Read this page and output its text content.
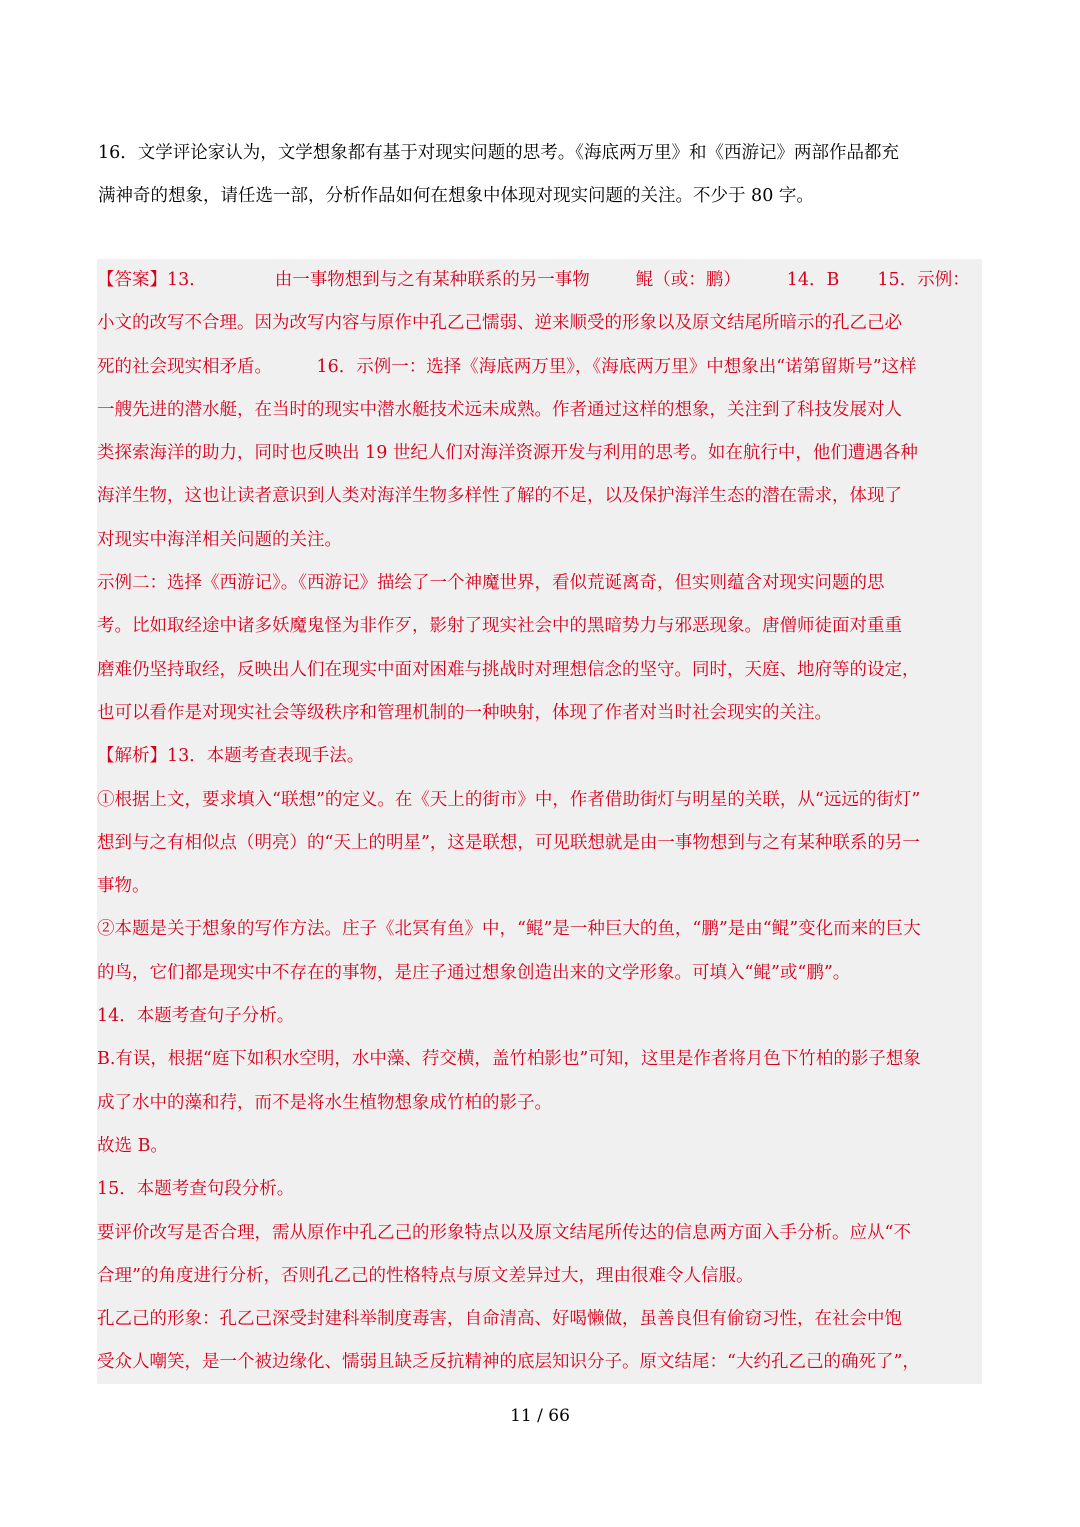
16．文学评论家认为，文学想象都有基于对现实问题的思考。《海底两万里》和《西游记》两部作品都充

满神奇的想象，请任选一部，分析作品如何在想象中体现对现实问题的关注。不少于 80 字。

【答案】13．	由一事物想到与之有某种联系的另一事物	鲲（或：鹏）	14．B 15．示例：

小文的改写不合理。因为改写内容与原作中孔乙己懦弱、逆来顺受的形象以及原文结尾所暗示的孔乙己必

死的社会现实相矛盾。        16．示例一：选择《海底两万里》，《海底两万里》中想象出“诺第留斯号”这样

一艘先进的潜水艇，在当时的现实中潜水艇技术远未成熟。作者通过这样的想象，关注到了科技发展对人

类探索海洋的助力，同时也反映出 19 世纪人们对海洋资源开发与利用的思考。如在航行中，他们遭遇各种

海洋生物，这也让读者意识到人类对海洋生物多样性了解的不足，以及保护海洋生态的潜在需求，体现了

对现实中海洋相关问题的关注。

示例二：选择《西游记》。《西游记》描绘了一个神魔世界，看似荒诞离奇，但实则蕴含对现实问题的思

考。比如取经途中诸多妖魔鬼怪为非作歹，影射了现实社会中的黑暗势力与邪恶现象。唐僧师徒面对重重

磨难仍坚持取经，反映出人们在现实中面对困难与挑战时对理想信念的坚守。同时，天庭、地府等的设定，

也可以看作是对现实社会等级秩序和管理机制的一种映射，体现了作者对当时社会现实的关注。

【解析】13．本题考查表现手法。

①根据上文，要求填入“联想”的定义。在《天上的街市》中，作者借助街灯与明星的关联，从“远远的街灯”

想到与之有相似点（明亮）的“天上的明星”，这是联想，可见联想就是由一事物想到与之有某种联系的另一

事物。

②本题是关于想象的写作方法。庄子《北冥有鱼》中，“鲲”是一种巨大的鱼，“鹏”是由“鲲”变化而来的巨大

的鸟，它们都是现实中不存在的事物，是庄子通过想象创造出来的文学形象。可填入“鲲”或“鹏”。

14．本题考查句子分析。

B.有误，根据“庭下如积水空明，水中藻、荇交横，盖竹柏影也”可知，这里是作者将月色下竹柏的影子想象

成了水中的藻和荇，而不是将水生植物想象成竹柏的影子。

故选 B。

15．本题考查句段分析。

要评价改写是否合理，需从原作中孔乙己的形象特点以及原文结尾所传达的信息两方面入手分析。应从“不

合理”的角度进行分析，否则孔乙己的性格特点与原文差异过大，理由很难令人信服。

孔乙己的形象：孔乙己深受封建科举制度毒害，自命清高、好喝懒做，虽善良但有偷窃习性，在社会中饱

受众人嘲笑，是一个被边缘化、懦弱且缺乏反抗精神的底层知识分子。原文结尾：“大约孔乙己的确死了”，

11 / 66
